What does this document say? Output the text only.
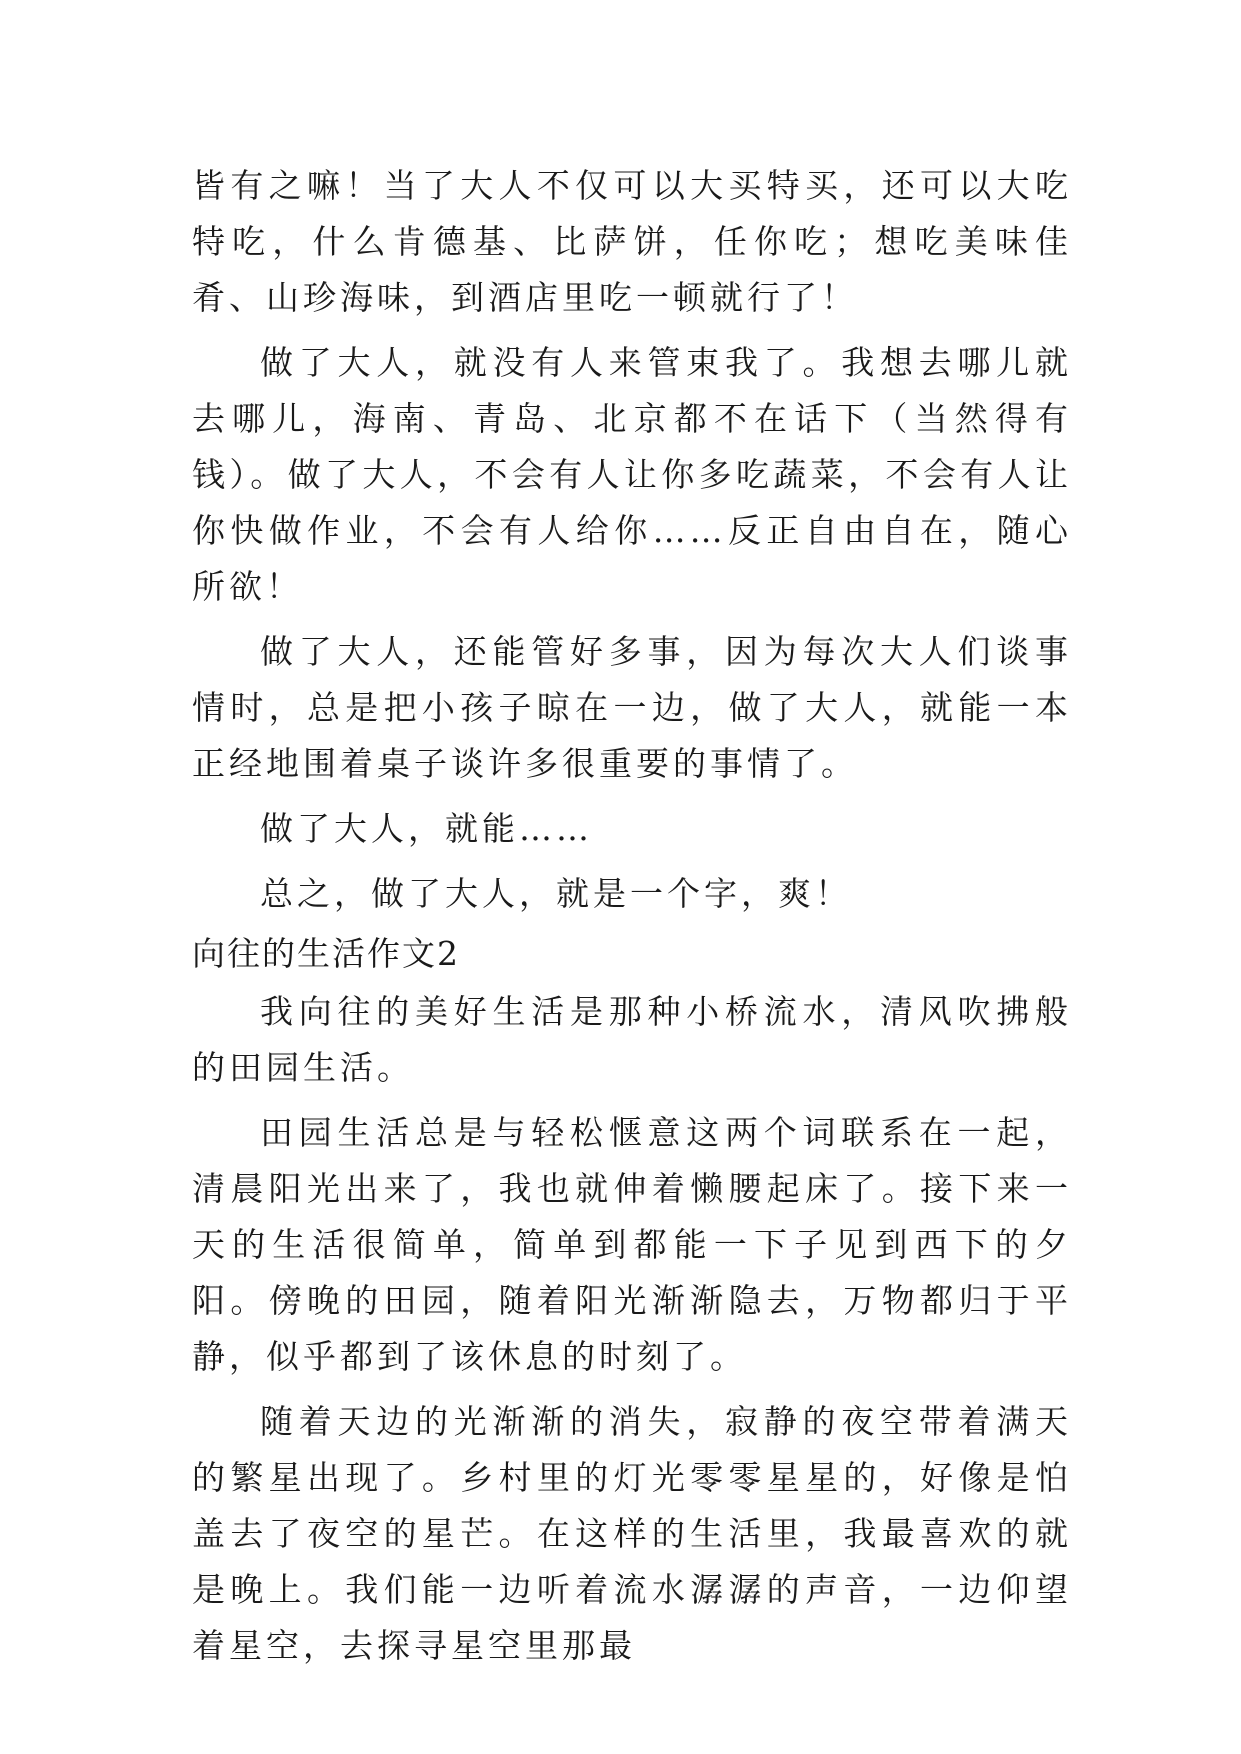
皆有之嘛！当了大人不仅可以大买特买，还可以大吃特吃，什么肯德基、比萨饼，任你吃；想吃美味佳肴、山珍海味，到酒店里吃一顿就行了！

做了大人，就没有人来管束我了。我想去哪儿就去哪儿，海南、青岛、北京都不在话下（当然得有钱）。做了大人，不会有人让你多吃蔬菜，不会有人让你快做作业，不会有人给你……反正自由自在，随心所欲！

做了大人，还能管好多事，因为每次大人们谈事情时，总是把小孩子晾在一边，做了大人，就能一本正经地围着桌子谈许多很重要的事情了。

做了大人，就能……

总之，做了大人，就是一个字，爽！

向往的生活作文2

我向往的美好生活是那种小桥流水，清风吹拂般的田园生活。

田园生活总是与轻松惬意这两个词联系在一起，清晨阳光出来了，我也就伸着懒腰起床了。接下来一天的生活很简单，简单到都能一下子见到西下的夕阳。傍晚的田园，随着阳光渐渐隐去，万物都归于平静，似乎都到了该休息的时刻了。

随着天边的光渐渐的消失，寂静的夜空带着满天的繁星出现了。乡村里的灯光零零星星的，好像是怕盖去了夜空的星芒。在这样的生活里，我最喜欢的就是晚上。我们能一边听着流水潺潺的声音，一边仰望着星空，去探寻星空里那最
